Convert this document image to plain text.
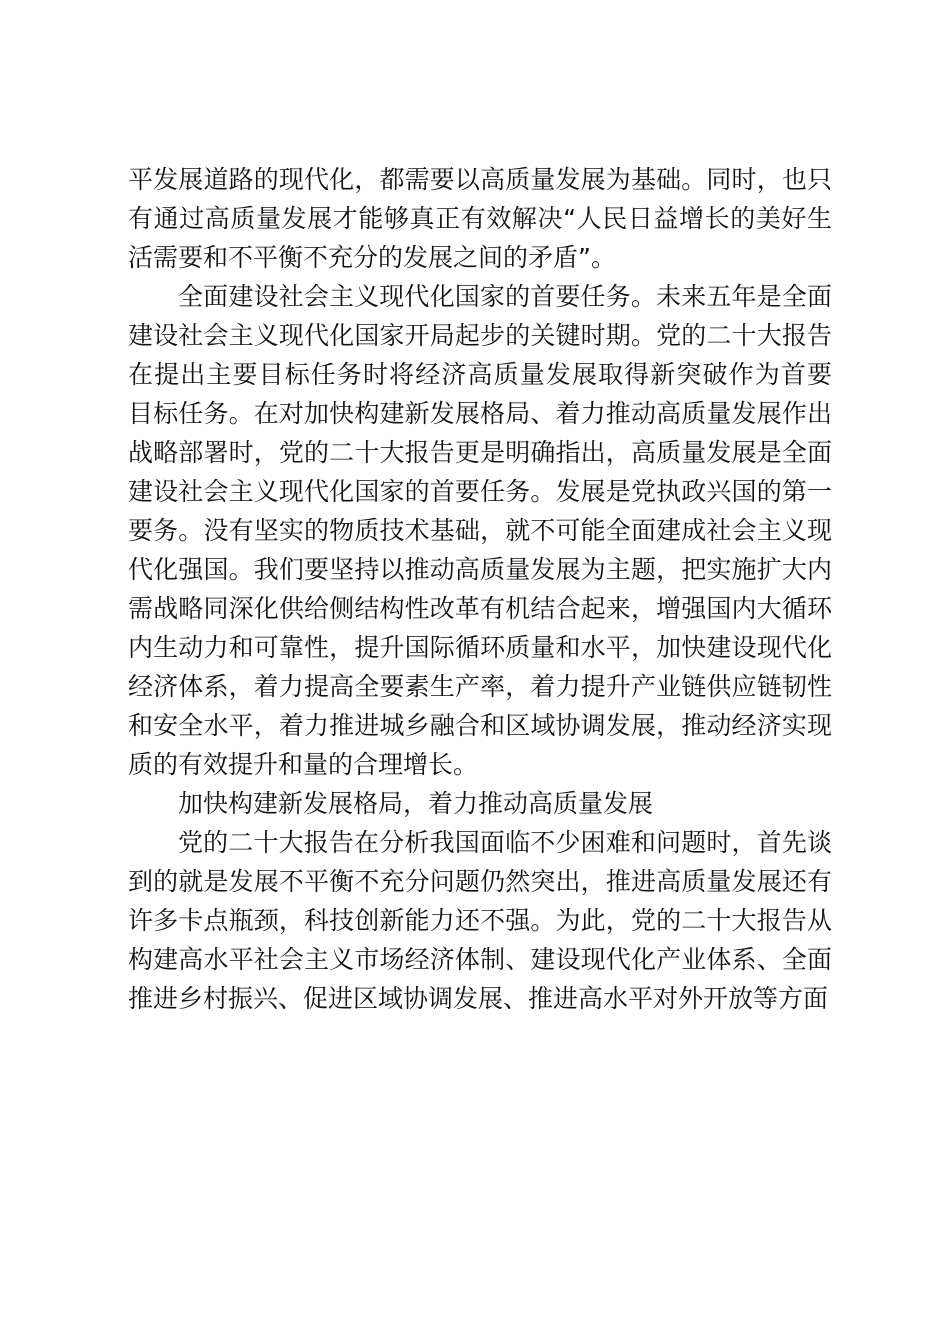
平发展道路的现代化，都需要以高质量发展为基础。同时，也只有通过高质量发展才能够真正有效解决“人民日益增长的美好生活需要和不平衡不充分的发展之间的矛盾”。

全面建设社会主义现代化国家的首要任务。未来五年是全面建设社会主义现代化国家开局起步的关键时期。党的二十大报告在提出主要目标任务时将经济高质量发展取得新突破作为首要 目标任务。在对加快构建新发展格局、着力推动高质量发展作出战略部署时，党的二十大报告更是明确指出，高质量发展是全面建设社会主义现代化国家的首要任务。发展是党执政兴国的第一要务。没有坚实的物质技术基础，就不可能全面建成社会主义现代化强国。我们要坚持以推动高质量发展为主题，把实施扩大内需战略同深化供给侧结构性改革有机结合起来，增强国内大循环内生动力和可靠性，提升国际循环质量和水平，加快建设现代化经济体系，着力提高全要素生产率，着力提升产业链供应链韧性和安全水平，着力推进城乡融合和区域协调发展，推动经济实现质的有效提升和量的合理增长。

加快构建新发展格局，着力推动高质量发展

党的二十大报告在分析我国面临不少困难和问题时，首先谈到的就是发展不平衡不充分问题仍然突出，推进高质量发展还有许多卡点瓶颈，科技创新能力还不强。为此，党的二十大报告从构建高水平社会主义市场经济体制、建设现代化产业体系、全面推进乡村振兴、促进区域协调发展、推进高水平对外开放等方面
